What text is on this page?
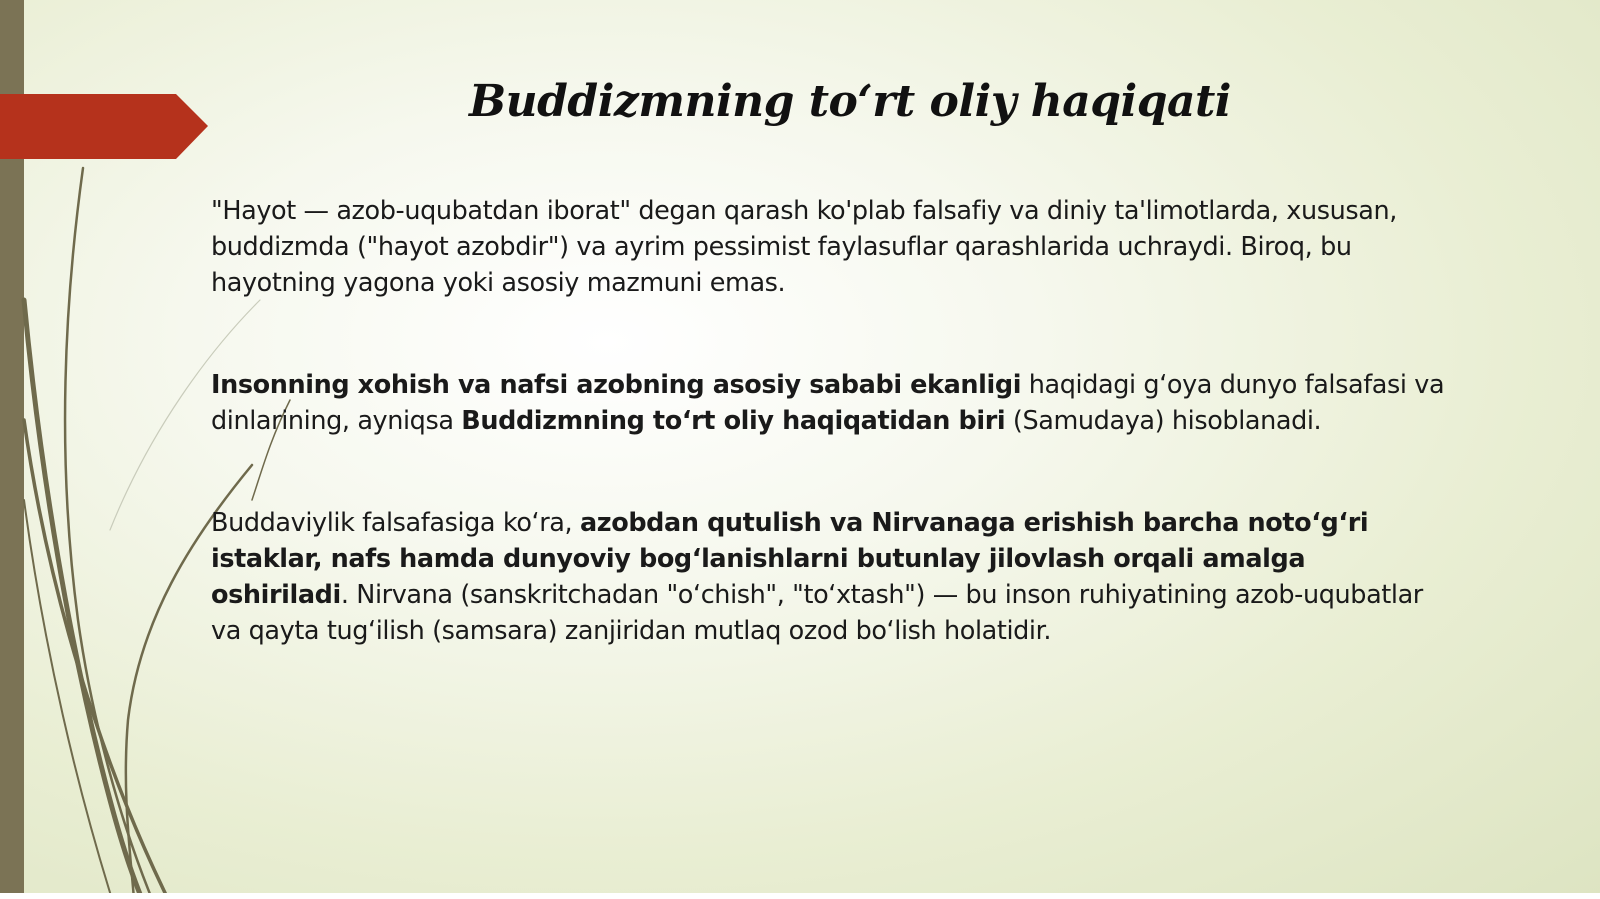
Buddizmning to‘rt oliy haqiqati

"Hayot — azob-uqubatdan iborat" degan qarash ko'plab falsafiy va diniy ta'limotlarda, xususan, buddizmda ("hayot azobdir") va ayrim pessimist faylasuflar qarashlarida uchraydi. Biroq, bu hayotning yagona yoki asosiy mazmuni emas.

Insonning xohish va nafsi azobning asosiy sababi ekanligi haqidagi g‘oya dunyo falsafasi va dinlarining, ayniqsa Buddizmning to‘rt oliy haqiqatidan biri (Samudaya) hisoblanadi.

Buddaviylik falsafasiga ko‘ra, azobdan qutulish va Nirvanaga erishish barcha noto‘g‘ri istaklar, nafs hamda dunyoviy bog‘lanishlarni butunlay jilovlash orqali amalga oshiriladi. Nirvana (sanskritchadan "o‘chish", "to‘xtash") — bu inson ruhiyatining azob-uqubatlar va qayta tug‘ilish (samsara) zanjiridan mutlaq ozod bo‘lish holatidir.
